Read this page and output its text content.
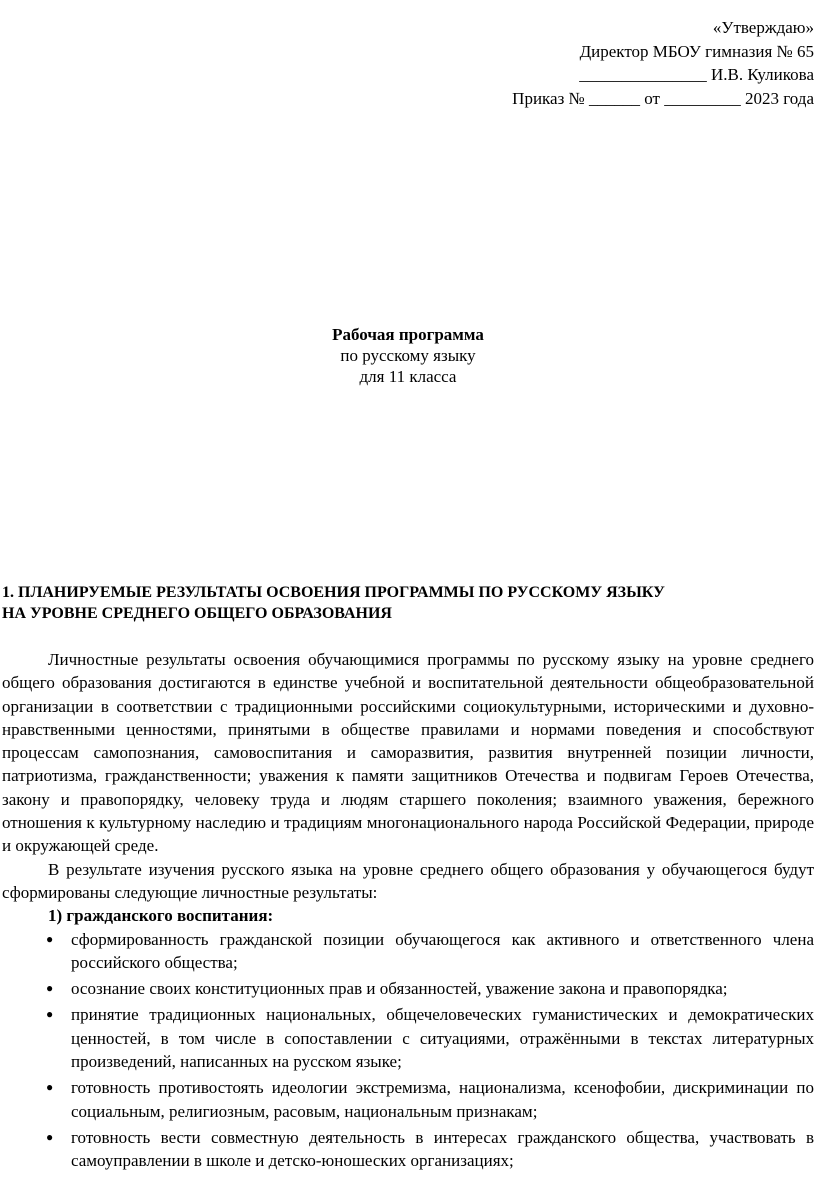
«Утверждаю»
Директор МБОУ гимназия № 65
_______________ И.В. Куликова
Приказ № ______ от _________ 2023 года
Рабочая программа
по русскому языку
для 11 класса
1. ПЛАНИРУЕМЫЕ РЕЗУЛЬТАТЫ ОСВОЕНИЯ ПРОГРАММЫ ПО РУССКОМУ ЯЗЫКУ
НА УРОВНЕ СРЕДНЕГО ОБЩЕГО ОБРАЗОВАНИЯ

Личностные результаты освоения обучающимися программы по русскому языку на уровне среднего общего образования достигаются в единстве учебной и воспитательной деятельности общеобразовательной организации в соответствии с традиционными российскими социокультурными, историческими и духовно-нравственными ценностями, принятыми в обществе правилами и нормами поведения и способствуют процессам самопознания, самовоспитания и саморазвития, развития внутренней позиции личности, патриотизма, гражданственности; уважения к памяти защитников Отечества и подвигам Героев Отечества, закону и правопорядку, человеку труда и людям старшего поколения; взаимного уважения, бережного отношения к культурному наследию и традициям многонационального народа Российской Федерации, природе и окружающей среде.

В результате изучения русского языка на уровне среднего общего образования у обучающегося будут сформированы следующие личностные результаты:

1) гражданского воспитания:

● сформированность гражданской позиции обучающегося как активного и ответственного члена российского общества;
● осознание своих конституционных прав и обязанностей, уважение закона и правопорядка;
● принятие традиционных национальных, общечеловеческих гуманистических и демократических ценностей, в том числе в сопоставлении с ситуациями, отражёнными в текстах литературных произведений, написанных на русском языке;
● готовность противостоять идеологии экстремизма, национализма, ксенофобии, дискриминации по социальным, религиозным, расовым, национальным признакам;
● готовность вести совместную деятельность в интересах гражданского общества, участвовать в самоуправлении в школе и детско-юношеских организациях;
